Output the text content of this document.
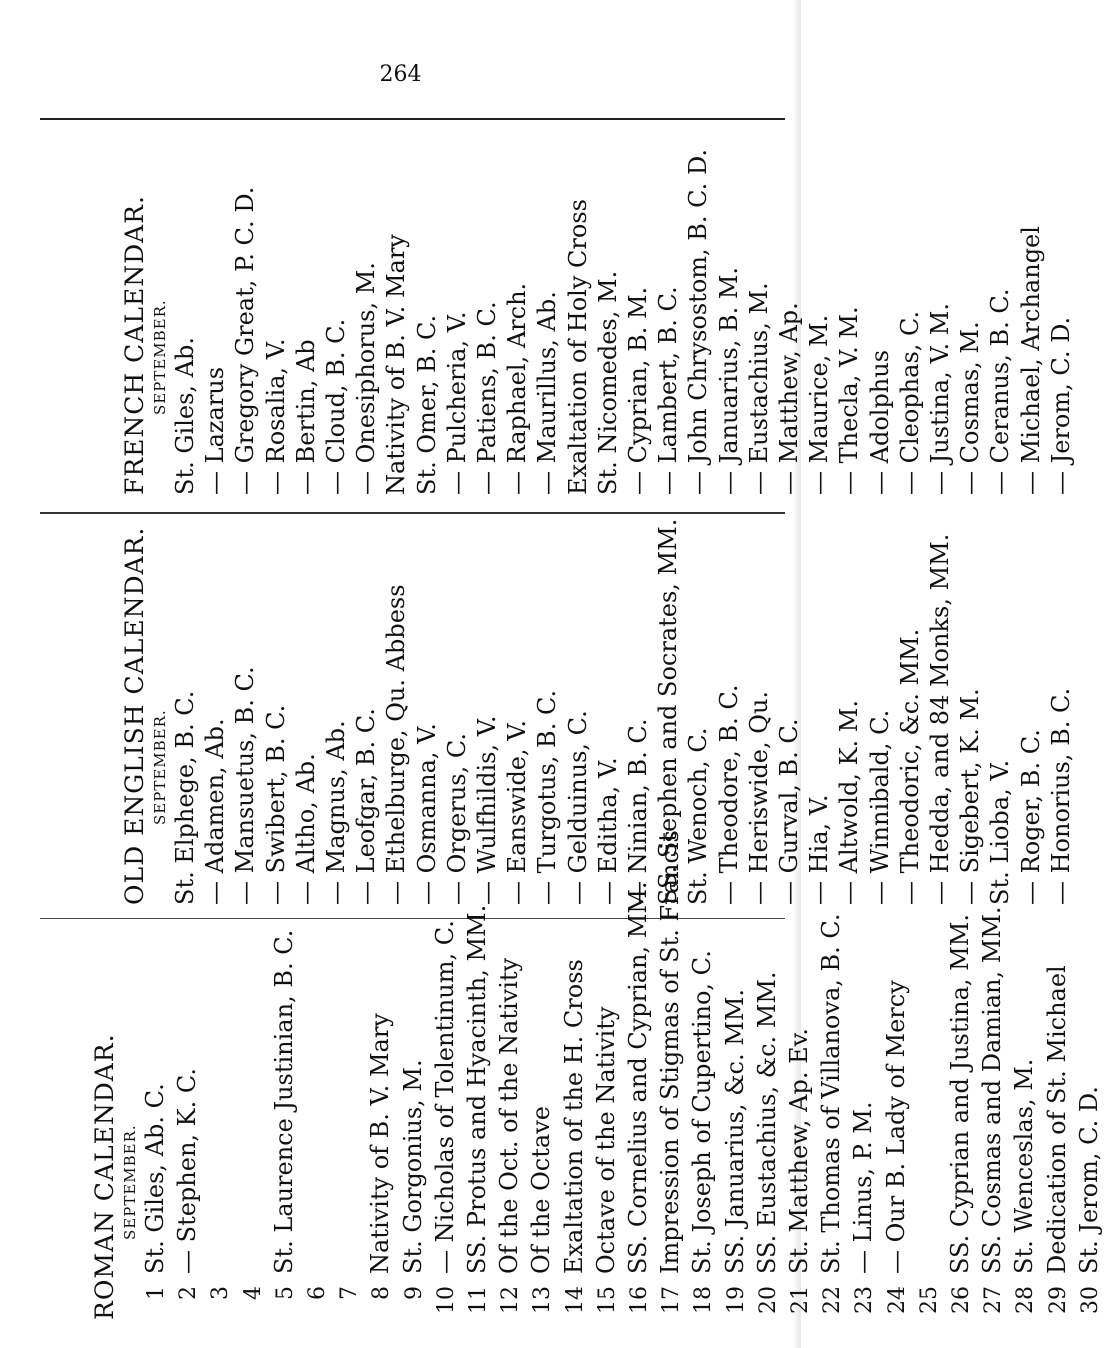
264
FRENCH CALENDAR. SEPTEMBER. St. Giles, Ab. — Lazarus — Gregory Great, P. C. D. — Rosalia, V. — Bertin, Ab — Cloud, B. C. — Onesiphorus, M. Nativity of B. V. Mary St. Omer, B. C. — Pulcheria, V. — Patiens, B. C. — Raphael, Arch. — Maurillus, Ab. Exaltation of Holy Cross St. Nicomedes, M. — Cyprian, B. M. — Lambert, B. C. — John Chrysostom, B. C. D. — Januarius, B. M. — Eustachius, M. — Matthew, Ap. — Maurice, M. — Thecla, V. M. — Adolphus — Cleophas, C. — Justina, V. M. — Cosmas, M. — Ceranus, B. C. — Michael, Archangel — Jerom, C. D.
OLD ENGLISH CALENDAR. SEPTEMBER. St. Elphege, B. C. — Adamen, Ab. — Mansuetus, B. C. — Swibert, B. C. — Altho, Ab. — Magnus, Ab. — Leofgar, B. C. — Ethelburge, Qu. Abbess — Osmanna, V. — Orgerus, C. — Wulfhildis, V. — Eanswide, V. — Turgotus, B. C. — Gelduinus, C. — Editha, V. — Ninian, B. C. SS. Stephen and Socrates, MM. St. Wenoch, C. — Theodore, B. C. — Heriswide, Qu. — Gurval, B. C. — Hia, V. — Altwold, K. M. — Winnibald, C. — Theodoric, &c. MM. — Hedda, and 84 Monks, MM. — Sigebert, K. M. St. Lioba, V. — Roger, B. C. — Honorius, B. C.
ROMAN CALENDAR. SEPTEMBER.
1St. Giles, Ab. C.
2— Stephen, K. C.
3 4 5St. Laurence Justinian, B. C.
6 7 8Nativity of B. V. Mary
9St. Gorgonius, M.
10— Nicholas of Tolentinum, C.
11SS. Protus and Hyacinth, MM.
12Of the Oct. of the Nativity
13Of the Octave
14Exaltation of the H. Cross
15Octave of the Nativity
16SS. Cornelius and Cyprian, MM.
17Impression of Stigmas of St. Francis
18St. Joseph of Cupertino, C.
19SS. Januarius, &c. MM.
20SS. Eustachius, &c. MM.
21St. Matthew, Ap. Ev.
22St. Thomas of Villanova, B. C.
23— Linus, P. M.
24— Our B. Lady of Mercy
25 26SS. Cyprian and Justina, MM.
27SS. Cosmas and Damian, MM.
28St. Wenceslas, M.
29Dedication of St. Michael
30St. Jerom, C. D.
